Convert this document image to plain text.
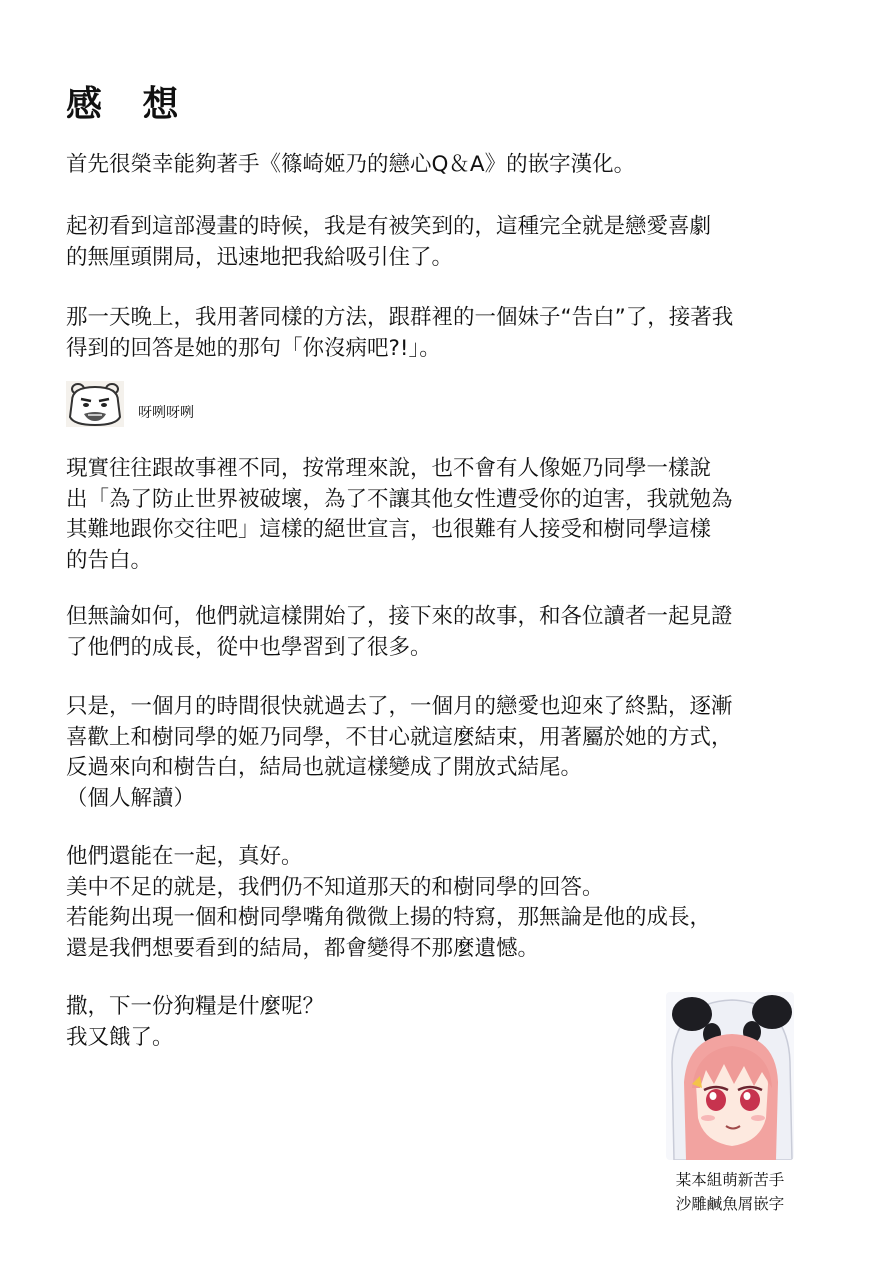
感 想

首先很榮幸能夠著手《篠崎姬乃的戀心Q＆A》的嵌字漢化。

起初看到這部漫畫的時候，我是有被笑到的，這種完全就是戀愛喜劇
的無厘頭開局，迅速地把我給吸引住了。

那一天晚上，我用著同樣的方法，跟群裡的一個妹子“告白”了，接著我
得到的回答是她的那句「你沒病吧?!」。

呀咧呀咧

現實往往跟故事裡不同，按常理來說，也不會有人像姬乃同學一樣說
出「為了防止世界被破壞，為了不讓其他女性遭受你的迫害，我就勉為
其難地跟你交往吧」這樣的絕世宣言，也很難有人接受和樹同學這樣
的告白。

但無論如何，他們就這樣開始了，接下來的故事，和各位讀者一起見證
了他們的成長，從中也學習到了很多。

只是，一個月的時間很快就過去了，一個月的戀愛也迎來了終點，逐漸
喜歡上和樹同學的姬乃同學，不甘心就這麼結束，用著屬於她的方式，
反過來向和樹告白，結局也就這樣變成了開放式結尾。
（個人解讀）

他們還能在一起，真好。
美中不足的就是，我們仍不知道那天的和樹同學的回答。
若能夠出現一個和樹同學嘴角微微上揚的特寫，那無論是他的成長，
還是我們想要看到的結局，都會變得不那麼遺憾。

撒，下一份狗糧是什麼呢？
我又餓了。

某本組萌新苦手
沙雕鹹魚屑嵌字
